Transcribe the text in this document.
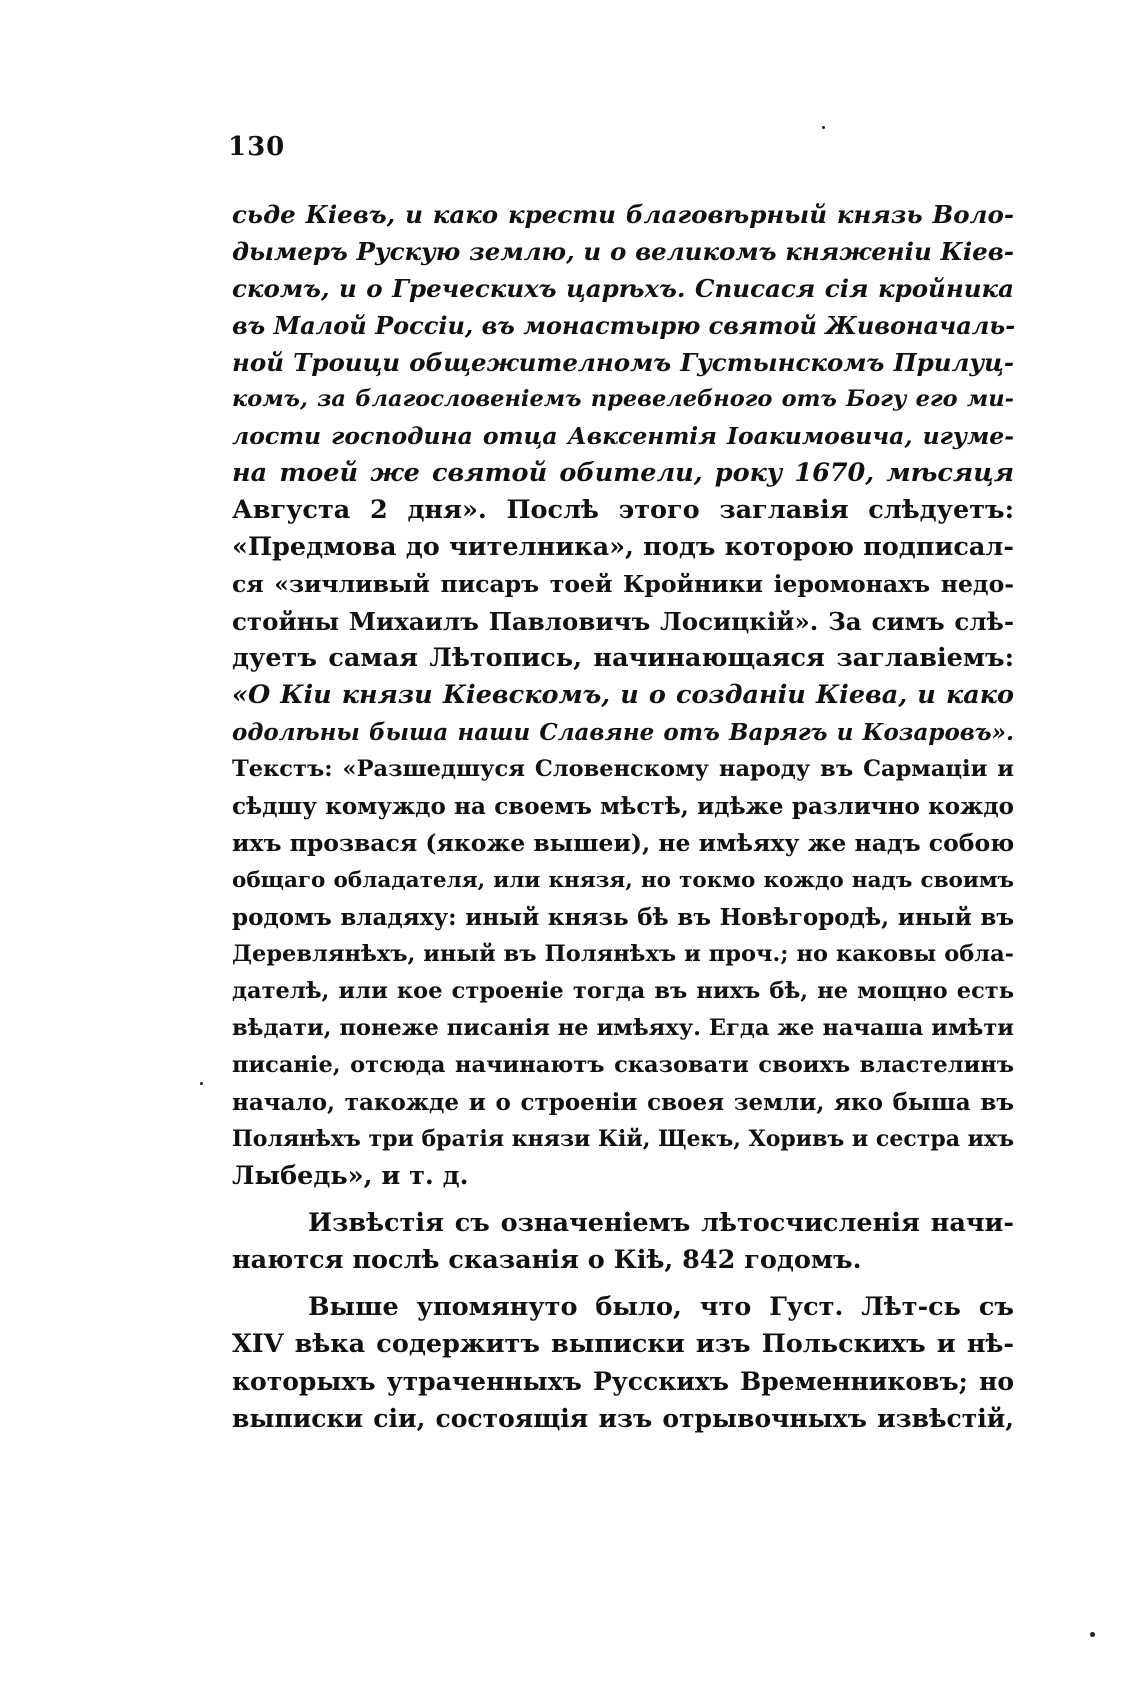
130
сьде Кіевъ, и како крести благовѣрный князь Воло-
дымеръ Рускую землю, и о великомъ княженіи Кіев-
скомъ, и о Греческихъ царѣхъ. Списася сія кройника
въ Малой Россіи, въ монастырю святой Живоначаль-
ной Троици общежителномъ Густынскомъ Прилуц-
комъ, за благословеніемъ превелебного отъ Богу его ми-
лости господина отца Авксентія Іоакимовича, игуме-
на тоей же святой обители, року 1670, мѣсяця
Августа 2 дня». Послѣ этого заглавія слѣдуетъ:
«Предмова до чителника», подъ которою подписал-
ся «зичливый писаръ тоей Кройники іеромонахъ недо-
стойны Михаилъ Павловичъ Лосицкій». За симъ слѣ-
дуетъ самая Лѣтопись, начинающаяся заглавіемъ:
«О Кіи князи Кіевскомъ, и о созданіи Кіева, и како
одолѣны быша наши Славяне отъ Варягъ и Козаровъ».
Текстъ: «Разшедшуся Словенскому народу въ Сармаціи и
сѣдшу комуждо на своемъ мѣстѣ, идѣже различно кождо
ихъ прозвася (якоже вышеи), не имѣяху же надъ собою
общаго обладателя, или князя, но токмо кождо надъ своимъ
родомъ владяху: иный князь бѣ въ Новѣгородѣ, иный въ
Деревлянѣхъ, иный въ Полянѣхъ и проч.; но каковы обла-
дателѣ, или кое строеніе тогда въ нихъ бѣ, не мощно есть
вѣдати, понеже писанія не имѣяху. Егда же начаша имѣти
писаніе, отсюда начинаютъ сказовати своихъ властелинъ
начало, такожде и о строеніи своея земли, яко быша въ
Полянѣхъ три братія князи Кій, Щекъ, Хоривъ и сестра ихъ
Лыбедь», и т. д.
Извѣстія съ означеніемъ лѣтосчисленія начи-
наются послѣ сказанія о Кіѣ, 842 годомъ.
Выше упомянуто было, что Густ. Лѣт-сь съ
XIV вѣка содержитъ выписки изъ Польскихъ и нѣ-
которыхъ утраченныхъ Русскихъ Временниковъ; но
выписки сіи, состоящія изъ отрывочныхъ извѣстій,
